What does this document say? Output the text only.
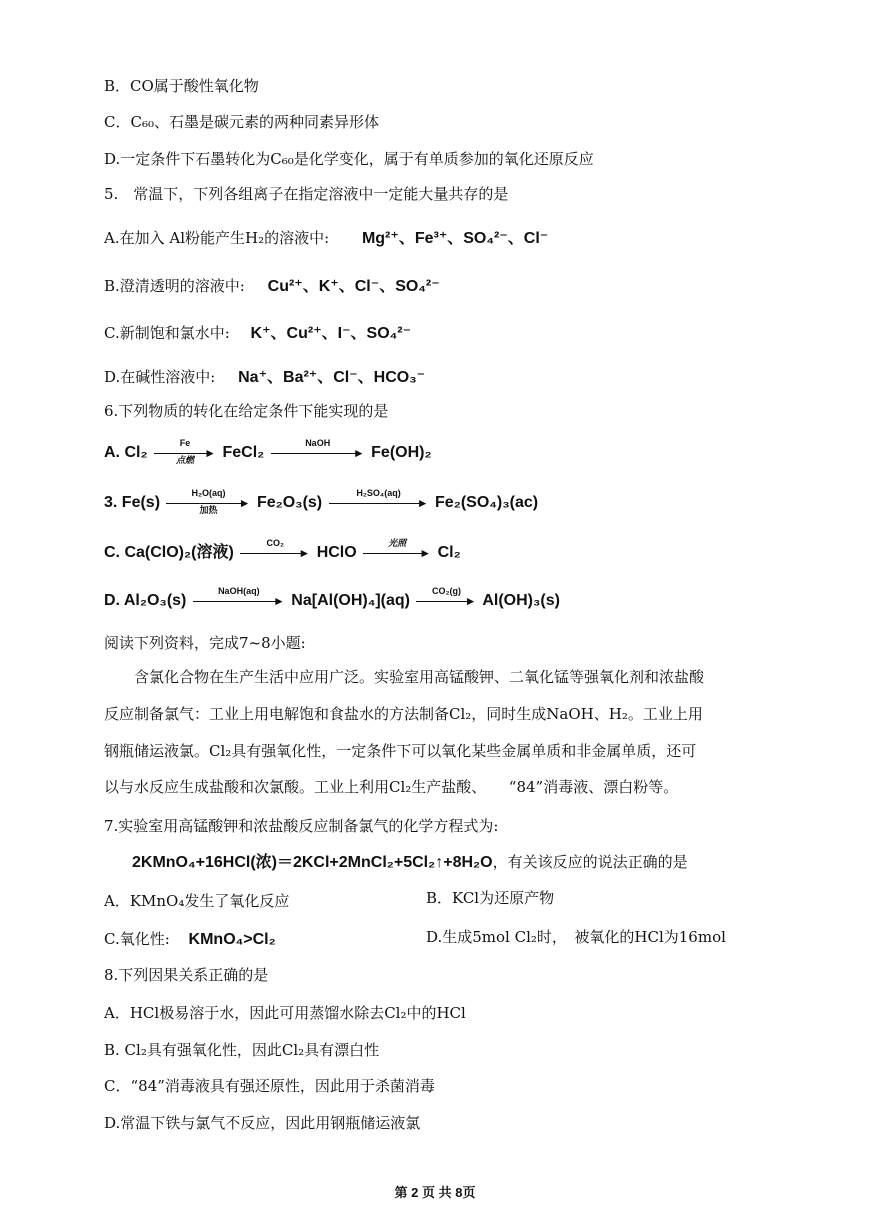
B．CO属于酸性氧化物
C．C₆₀、石墨是碳元素的两种同素异形体
D.一定条件下石墨转化为C₆₀是化学变化，属于有单质参加的氧化还原反应
5.　常温下，下列各组离子在指定溶液中一定能大量共存的是
A.在加入 Al粉能产生H₂的溶液中: Mg²⁺、Fe³⁺、SO₄²⁻、Cl⁻
B.澄清透明的溶液中: Cu²⁺、K⁺、Cl⁻、SO₄²⁻
C.新制饱和氯水中: K⁺、Cu²⁺、I⁻、SO₄²⁻
D.在碱性溶液中: Na⁺、Ba²⁺、Cl⁻、HCO₃⁻
6.下列物质的转化在给定条件下能实现的是
A. Cl₂
Fe
►
点燃	FeCl₂
NaOH
► Fe(OH)₂
3. Fe(s)
H₂O(aq)
►
加热	Fe₂O₃(s)
H₂SO₄(aq)
► Fe₂(SO₄)₃(ac)
C. Ca(ClO)₂(溶液)
CO₂
► HClO
光照
► Cl₂
D. Al₂O₃(s)
NaOH(aq)
► Na[Al(OH)₄](aq)
CO₂(g)
► Al(OH)₃(s)
阅读下列资料，完成7~8小题:
含氯化合物在生产生活中应用广泛。实验室用高锰酸钾、二氧化锰等强氧化剂和浓盐酸
反应制备氯气：工业上用电解饱和食盐水的方法制备Cl₂，同时生成NaOH、H₂。工业上用
钢瓶储运液氯。Cl₂具有强氧化性，一定条件下可以氧化某些金属单质和非金属单质，还可
以与水反应生成盐酸和次氯酸。工业上利用Cl₂生产盐酸、　　“84”消毒液、漂白粉等。
7.实验室用高锰酸钾和浓盐酸反应制备氯气的化学方程式为:
2KMnO₄+16HCl(浓)＝2KCl+2MnCl₂+5Cl₂↑+8H₂O，有关该反应的说法正确的是
A．KMnO₄发生了氧化反应	B．KCl为还原产物
C.氧化性: KMnO₄>Cl₂	D.生成5mol Cl₂时，　被氧化的HCl为16mol
8.下列因果关系正确的是
A．HCl极易溶于水，因此可用蒸馏水除去Cl₂中的HCl
B. Cl₂具有强氧化性，因此Cl₂具有漂白性
C．“84”消毒液具有强还原性，因此用于杀菌消毒
D.常温下铁与氯气不反应，因此用钢瓶储运液氯
第 2 页 共 8页
